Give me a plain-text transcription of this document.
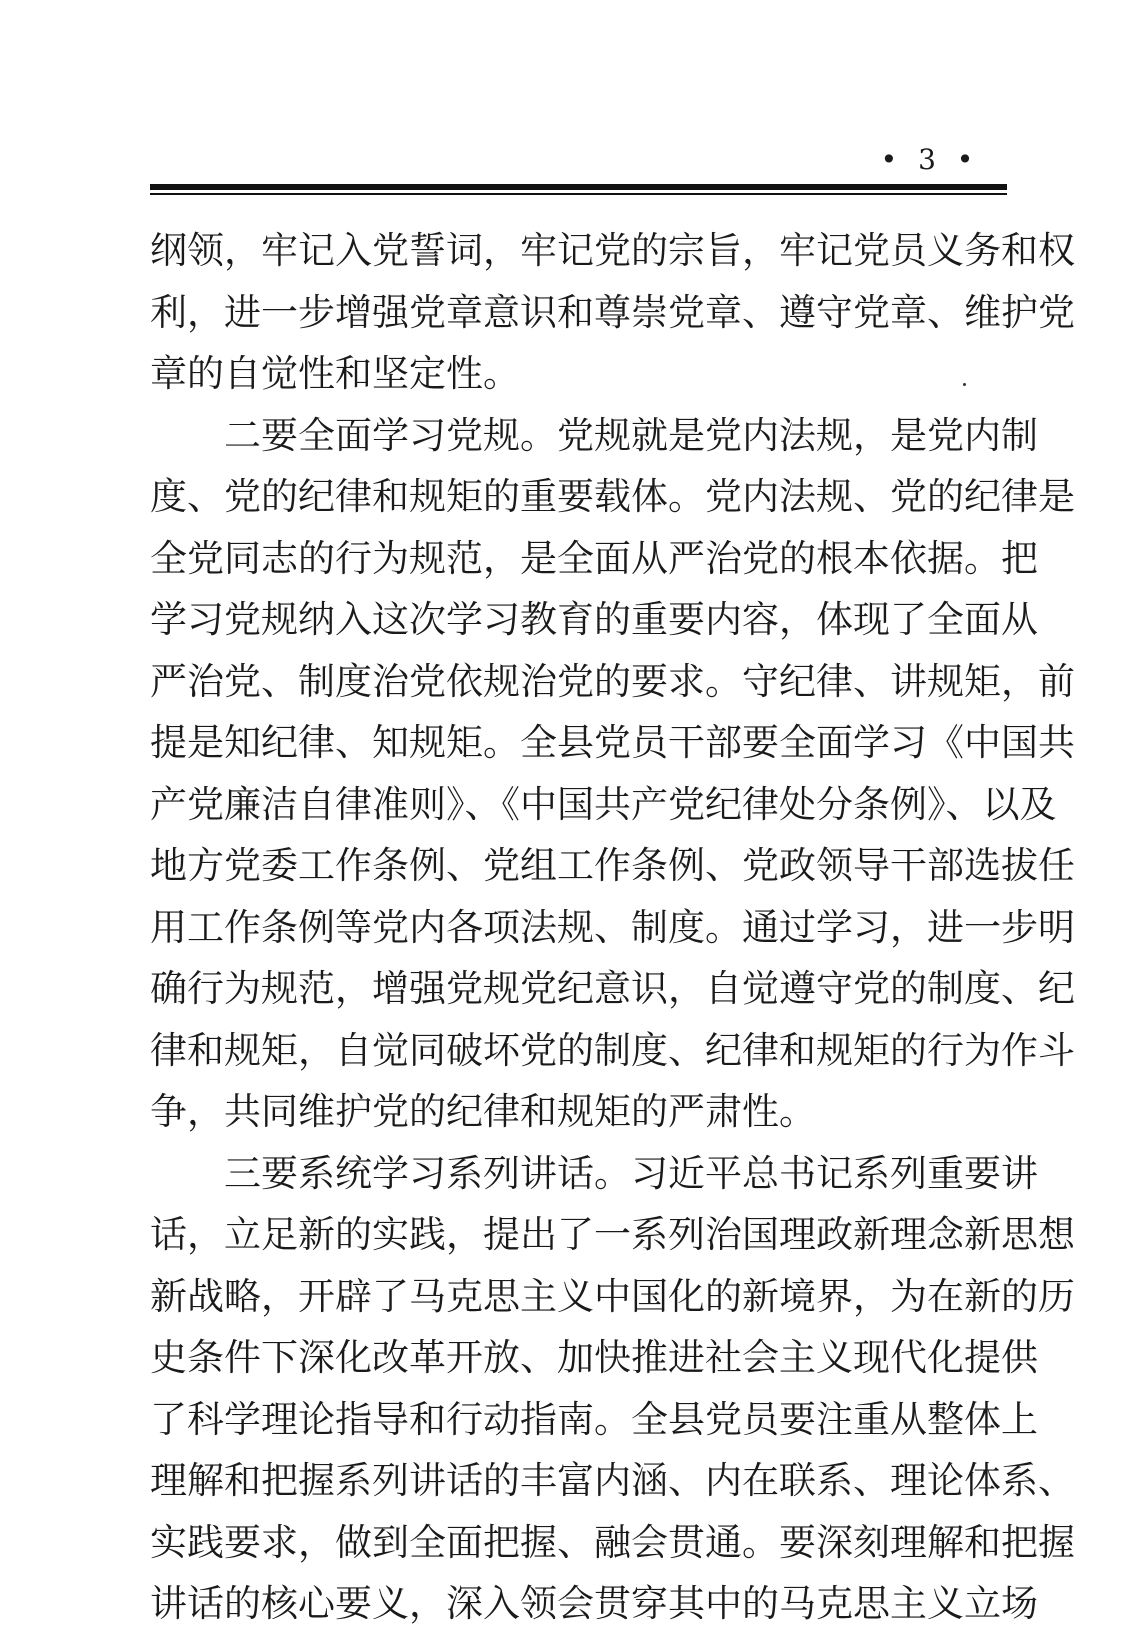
• 3 •
纲领，牢记入党誓词，牢记党的宗旨，牢记党员义务和权
利，进一步增强党章意识和尊崇党章、遵守党章、维护党
章的自觉性和坚定性。
二要全面学习党规。党规就是党内法规，是党内制
度、党的纪律和规矩的重要载体。党内法规、党的纪律是
全党同志的行为规范，是全面从严治党的根本依据。把
学习党规纳入这次学习教育的重要内容，体现了全面从
严治党、制度治党依规治党的要求。守纪律、讲规矩，前
提是知纪律、知规矩。全县党员干部要全面学习《中国共
产党廉洁自律准则》、《中国共产党纪律处分条例》、以及
地方党委工作条例、党组工作条例、党政领导干部选拔任
用工作条例等党内各项法规、制度。通过学习，进一步明
确行为规范，增强党规党纪意识，自觉遵守党的制度、纪
律和规矩，自觉同破坏党的制度、纪律和规矩的行为作斗
争，共同维护党的纪律和规矩的严肃性。
三要系统学习系列讲话。习近平总书记系列重要讲
话，立足新的实践，提出了一系列治国理政新理念新思想
新战略，开辟了马克思主义中国化的新境界，为在新的历
史条件下深化改革开放、加快推进社会主义现代化提供
了科学理论指导和行动指南。全县党员要注重从整体上
理解和把握系列讲话的丰富内涵、内在联系、理论体系、
实践要求，做到全面把握、融会贯通。要深刻理解和把握
讲话的核心要义，深入领会贯穿其中的马克思主义立场
